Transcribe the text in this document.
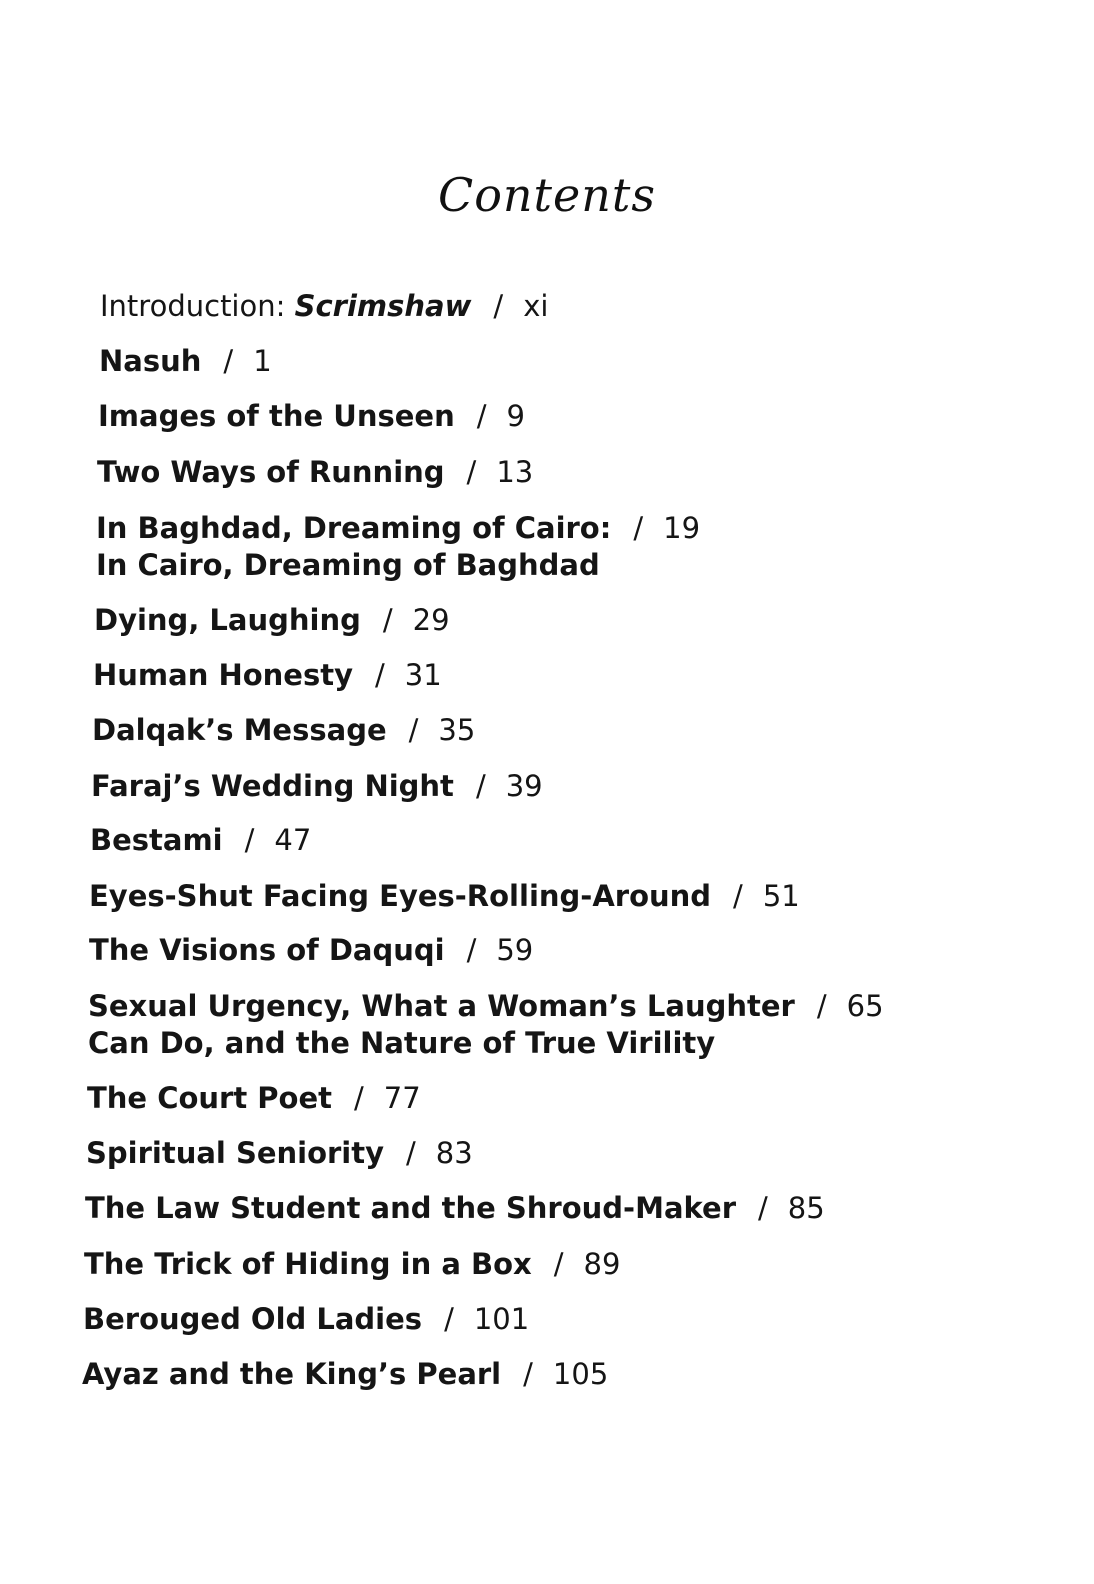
Contents
Introduction: Scrimshaw / xi
Nasuh / 1
Images of the Unseen / 9
Two Ways of Running / 13
In Baghdad, Dreaming of Cairo: / 19
In Cairo, Dreaming of Baghdad
Dying, Laughing / 29
Human Honesty / 31
Dalqak’s Message / 35
Faraj’s Wedding Night / 39
Bestami / 47
Eyes-Shut Facing Eyes-Rolling-Around / 51
The Visions of Daquqi / 59
Sexual Urgency, What a Woman’s Laughter / 65
Can Do, and the Nature of True Virility
The Court Poet / 77
Spiritual Seniority / 83
The Law Student and the Shroud-Maker / 85
The Trick of Hiding in a Box / 89
Berouged Old Ladies / 101
Ayaz and the King’s Pearl / 105
